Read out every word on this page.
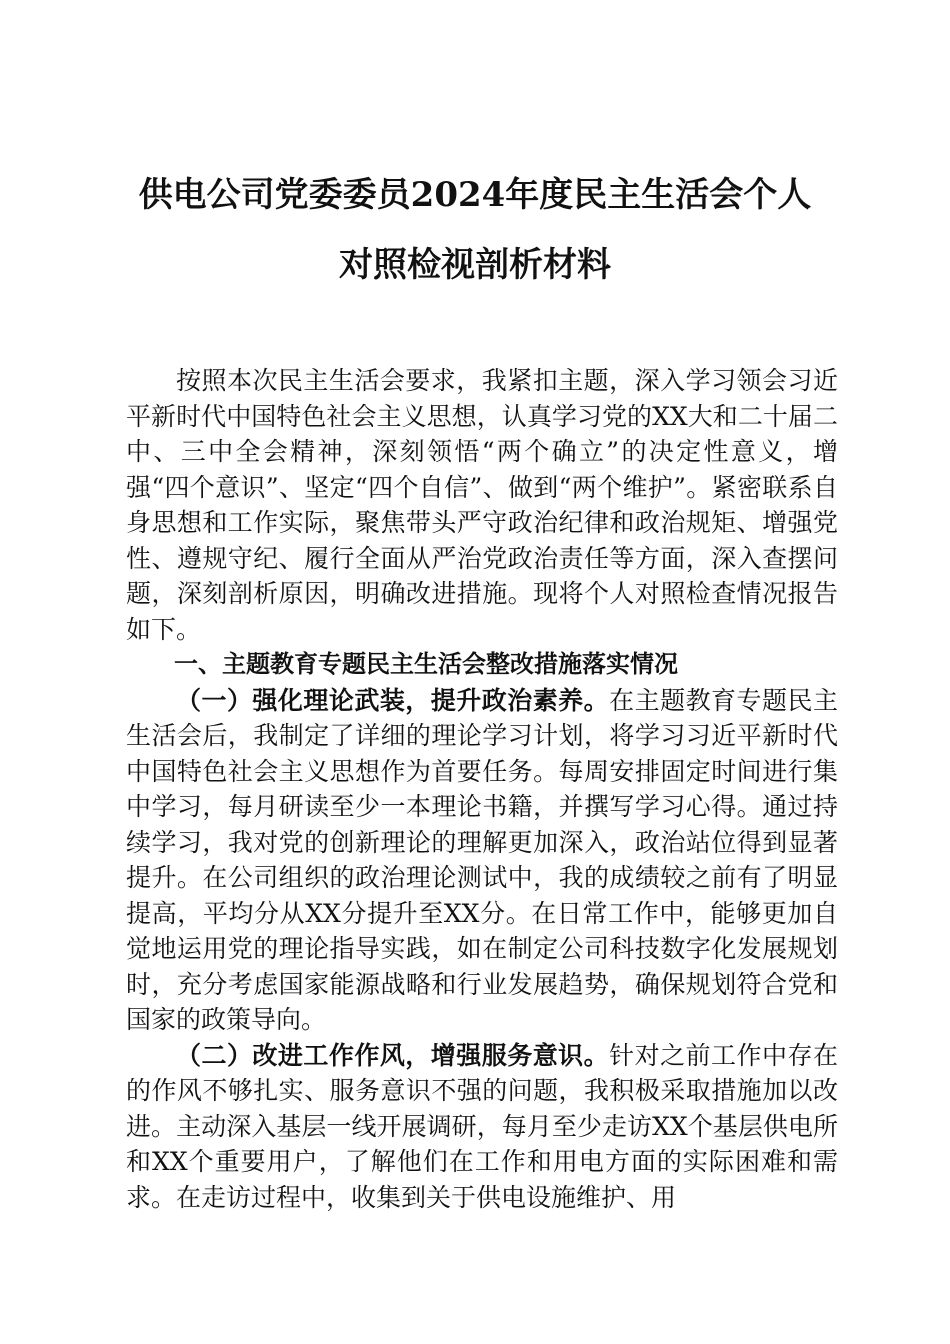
供电公司党委委员2024年度民主生活会个人
对照检视剖析材料

按照本次民主生活会要求，我紧扣主题，深入学习领会习近平新时代中国特色社会主义思想，认真学习党的XX大和二十届二中、三中全会精神，深刻领悟“两个确立”的决定性意义，增强“四个意识”、坚定“四个自信”、做到“两个维护”。紧密联系自身思想和工作实际，聚焦带头严守政治纪律和政治规矩、增强党性、遵规守纪、履行全面从严治党政治责任等方面，深入查摆问题，深刻剖析原因，明确改进措施。现将个人对照检查情况报告如下。

一、主题教育专题民主生活会整改措施落实情况

（一）强化理论武装，提升政治素养。在主题教育专题民主生活会后，我制定了详细的理论学习计划，将学习习近平新时代中国特色社会主义思想作为首要任务。每周安排固定时间进行集中学习，每月研读至少一本理论书籍，并撰写学习心得。通过持续学习，我对党的创新理论的理解更加深入，政治站位得到显著提升。在公司组织的政治理论测试中，我的成绩较之前有了明显提高，平均分从XX分提升至XX分。在日常工作中，能够更加自觉地运用党的理论指导实践，如在制定公司科技数字化发展规划时，充分考虑国家能源战略和行业发展趋势，确保规划符合党和国家的政策导向。

（二）改进工作作风，增强服务意识。针对之前工作中存在的作风不够扎实、服务意识不强的问题，我积极采取措施加以改进。主动深入基层一线开展调研，每月至少走访XX个基层供电所和XX个重要用户，了解他们在工作和用电方面的实际困难和需求。在走访过程中，收集到关于供电设施维护、用
